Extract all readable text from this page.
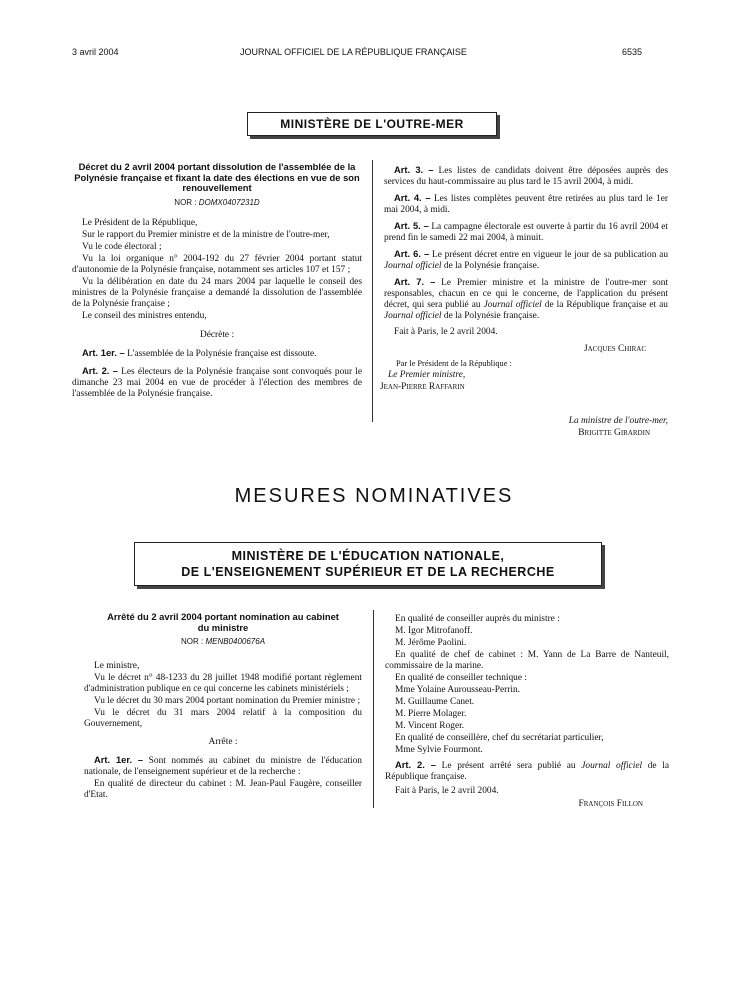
3 avril 2004	JOURNAL OFFICIEL DE LA RÉPUBLIQUE FRANÇAISE	6535
MINISTÈRE DE L'OUTRE-MER
Décret du 2 avril 2004 portant dissolution de l'assemblée de la Polynésie française et fixant la date des élections en vue de son renouvellement
NOR : DOMX0407231D

Le Président de la République,

Sur le rapport du Premier ministre et de la ministre de l'outre-mer,

Vu le code électoral ;

Vu la loi organique n° 2004-192 du 27 février 2004 portant statut d'autonomie de la Polynésie française, notamment ses articles 107 et 157 ;

Vu la délibération en date du 24 mars 2004 par laquelle le conseil des ministres de la Polynésie française a demandé la dissolution de l'assemblée de la Polynésie française ;

Le conseil des ministres entendu,

Décrète :

Art. 1er. – L'assemblée de la Polynésie française est dissoute.

Art. 2. – Les électeurs de la Polynésie française sont convoqués pour le dimanche 23 mai 2004 en vue de procéder à l'élection des membres de l'assemblée de la Polynésie française.

Art. 3. – Les listes de candidats doivent être déposées auprès des services du haut-commissaire au plus tard le 15 avril 2004, à midi.

Art. 4. – Les listes complètes peuvent être retirées au plus tard le 1er mai 2004, à midi.

Art. 5. – La campagne électorale est ouverte à partir du 16 avril 2004 et prend fin le samedi 22 mai 2004, à minuit.

Art. 6. – Le présent décret entre en vigueur le jour de sa publication au Journal officiel de la Polynésie française.

Art. 7. – Le Premier ministre et la ministre de l'outre-mer sont responsables, chacun en ce qui le concerne, de l'application du présent décret, qui sera publié au Journal officiel de la République française et au Journal officiel de la Polynésie française.

Fait à Paris, le 2 avril 2004.

Jacques Chirac

Par le Président de la République :

Le Premier ministre,

Jean-Pierre Raffarin

La ministre de l'outre-mer,

Brigitte Girardin

MESURES NOMINATIVES
MINISTÈRE DE L'ÉDUCATION NATIONALE,
DE L'ENSEIGNEMENT SUPÉRIEUR ET DE LA RECHERCHE
Arrêté du 2 avril 2004 portant nomination au cabinet du ministre
NOR : MENB0400676A

Le ministre,

Vu le décret n° 48-1233 du 28 juillet 1948 modifié portant règlement d'administration publique en ce qui concerne les cabinets ministériels ;

Vu le décret du 30 mars 2004 portant nomination du Premier ministre ;

Vu le décret du 31 mars 2004 relatif à la composition du Gouvernement,

Arrête :

Art. 1er. – Sont nommés au cabinet du ministre de l'éducation nationale, de l'enseignement supérieur et de la recherche :

En qualité de directeur du cabinet : M. Jean-Paul Faugère, conseiller d'Etat.

En qualité de conseiller auprès du ministre :

M. Igor Mitrofanoff.

M. Jérôme Paolini.

En qualité de chef de cabinet : M. Yann de La Barre de Nanteuil, commissaire de la marine.

En qualité de conseiller technique :

Mme Yolaine Aurousseau-Perrin.

M. Guillaume Canet.

M. Pierre Molager.

M. Vincent Roger.

En qualité de conseillère, chef du secrétariat particulier,

Mme Sylvie Fourmont.

Art. 2. – Le présent arrêté sera publié au Journal officiel de la République française.

Fait à Paris, le 2 avril 2004.

François Fillon
